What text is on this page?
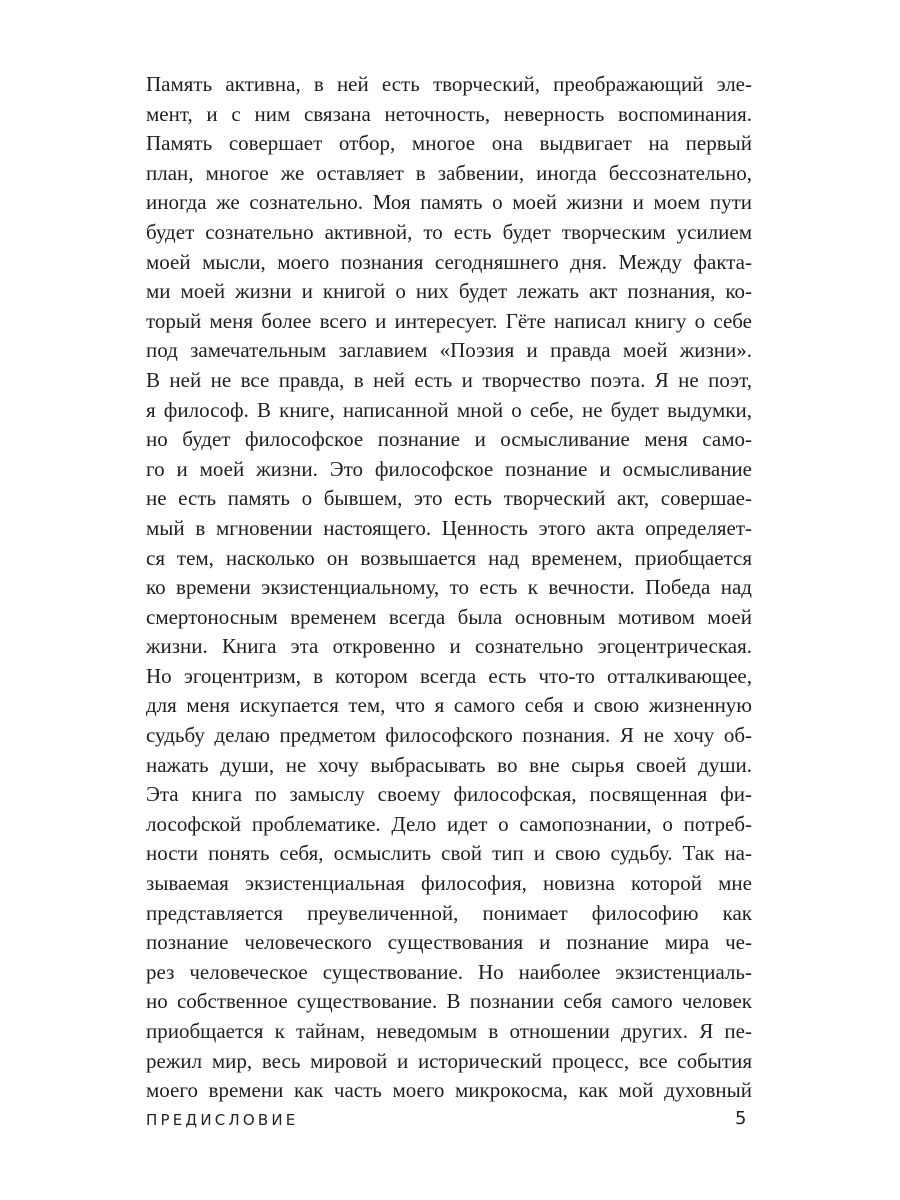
Память активна, в ней есть творческий, преображающий эле-
мент, и с ним связана неточность, неверность воспоминания.
Память совершает отбор, многое она выдвигает на первый
план, многое же оставляет в забвении, иногда бессознательно,
иногда же сознательно. Моя память о моей жизни и моем пути
будет сознательно активной, то есть будет творческим усилием
моей мысли, моего познания сегодняшнего дня. Между факта-
ми моей жизни и книгой о них будет лежать акт познания, ко-
торый меня более всего и интересует. Гёте написал книгу о себе
под замечательным заглавием «Поэзия и правда моей жизни».
В ней не все правда, в ней есть и творчество поэта. Я не поэт,
я философ. В книге, написанной мной о себе, не будет выдумки,
но будет философское познание и осмысливание меня само-
го и моей жизни. Это философское познание и осмысливание
не есть память о бывшем, это есть творческий акт, совершае-
мый в мгновении настоящего. Ценность этого акта определяет-
ся тем, насколько он возвышается над временем, приобщается
ко времени экзистенциальному, то есть к вечности. Победа над
смертоносным временем всегда была основным мотивом моей
жизни. Книга эта откровенно и сознательно эгоцентрическая.
Но эгоцентризм, в котором всегда есть что-то отталкивающее,
для меня искупается тем, что я самого себя и свою жизненную
судьбу делаю предметом философского познания. Я не хочу об-
нажать души, не хочу выбрасывать во вне сырья своей души.
Эта книга по замыслу своему философская, посвященная фи-
лософской проблематике. Дело идет о самопознании, о потреб-
ности понять себя, осмыслить свой тип и свою судьбу. Так на-
зываемая экзистенциальная философия, новизна которой мне
представляется преувеличенной, понимает философию как
познание человеческого существования и познание мира че-
рез человеческое существование. Но наиболее экзистенциаль-
но собственное существование. В познании себя самого человек
приобщается к тайнам, неведомым в отношении других. Я пе-
режил мир, весь мировой и исторический процесс, все события
моего времени как часть моего микрокосма, как мой духовный
ПРЕДИСЛОВИЕ	5
